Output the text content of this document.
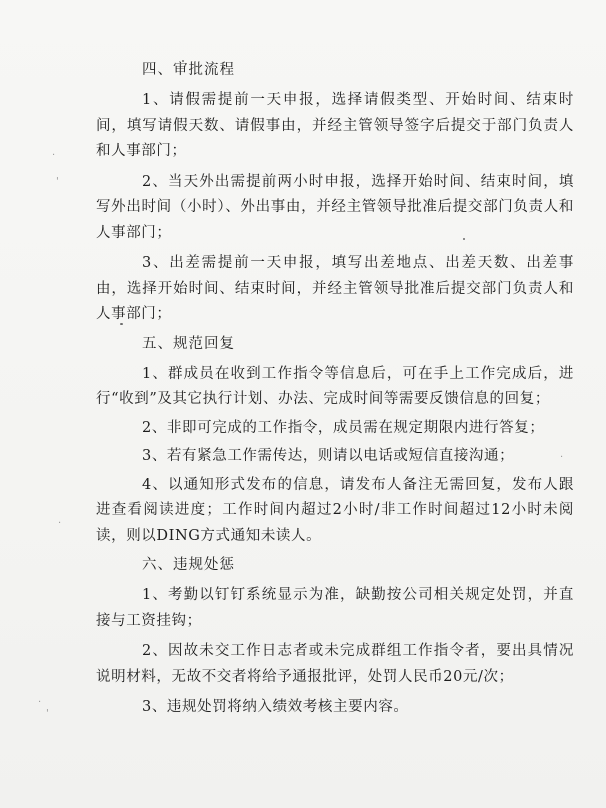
·
'
·
'
·
·
四、审批流程
1、请假需提前一天申报，选择请假类型、开始时间、结束时间，填写请假天数、请假事由，并经主管领导签字后提交于部门负责人和人事部门；
2、当天外出需提前两小时申报，选择开始时间、结束时间，填写外出时间（小时）、外出事由，并经主管领导批准后提交部门负责人和人事部门；
3、出差需提前一天申报，填写出差地点、出差天数、出差事由，选择开始时间、结束时间，并经主管领导批准后提交部门负责人和人事部门；
五、规范回复
1、群成员在收到工作指令等信息后，可在手上工作完成后，进行“收到”及其它执行计划、办法、完成时间等需要反馈信息的回复；
2、非即可完成的工作指令，成员需在规定期限内进行答复；
3、若有紧急工作需传达，则请以电话或短信直接沟通；
4、以通知形式发布的信息，请发布人备注无需回复，发布人跟进查看阅读进度；工作时间内超过2小时/非工作时间超过12小时未阅读，则以DING方式通知未读人。
六、违规处惩
1、考勤以钉钉系统显示为准，缺勤按公司相关规定处罚，并直接与工资挂钩；
2、因故未交工作日志者或未完成群组工作指令者，要出具情况说明材料，无故不交者将给予通报批评，处罚人民币20元/次；
3、违规处罚将纳入绩效考核主要内容。
